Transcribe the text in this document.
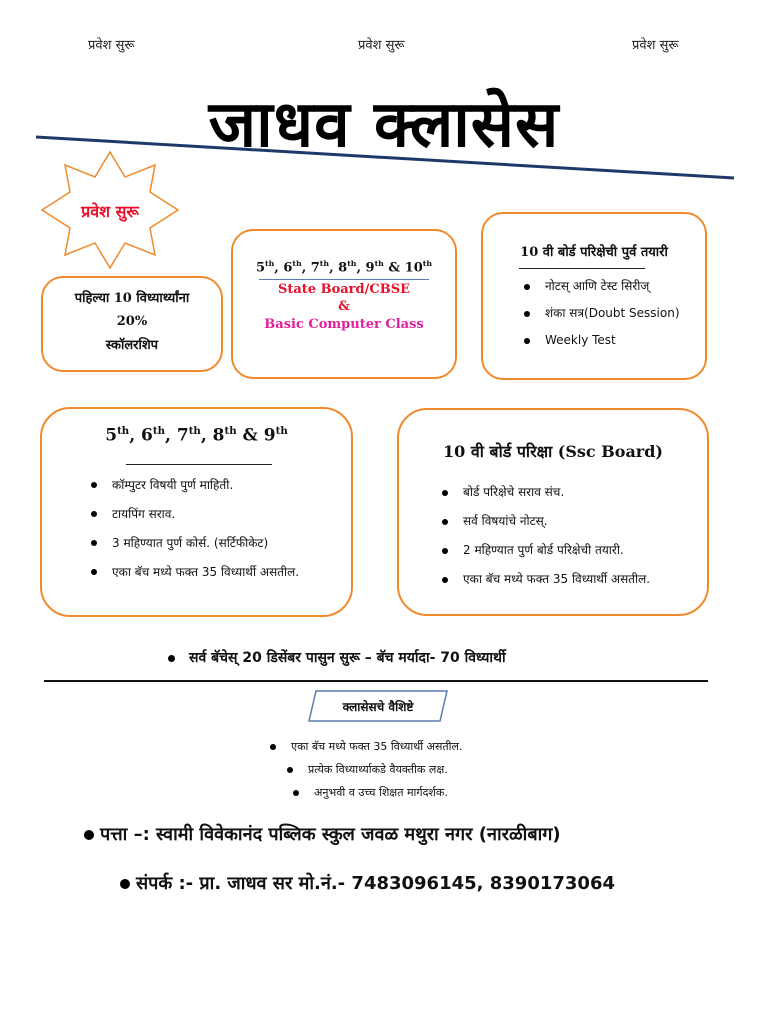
प्रवेश सुरू	प्रवेश सुरू	प्रवेश सुरू
जाधव क्लासेस
प्रवेश सुरू
पहिल्या 10 विध्यार्थ्यांना
20%
स्कॉलरशिप
5th, 6th, 7th, 8th, 9th & 10th
State Board/CBSE
&
Basic Computer Class
10 वी बोर्ड परिक्षेची पुर्व तयारी
नोटस् आणि टेस्ट सिरीज्
शंका सत्र(Doubt Session)
Weekly Test
5th, 6th, 7th, 8th & 9th
कॉम्पुटर विषयी पुर्ण माहिती.
टायपिंग सराव.
3 महिण्यात पुर्ण कोर्स. (सर्टिफीकेट)
एका बॅच मध्ये फक्त 35 विध्यार्थी असतील.
10 वी बोर्ड परिक्षा (Ssc Board)
बोर्ड परिक्षेचे सराव संच.
सर्व विषयांचे नोटस्.
2 महिण्यात पुर्ण बोर्ड परिक्षेची तयारी.
एका बॅच मध्ये फक्त 35 विध्यार्थी असतील.
सर्व बॅचेस् 20 डिसेंबर पासुन सुरू – बॅच मर्यादा- 70 विध्यार्थी
क्लासेसचे वैशिष्टे
एका बॅच मध्ये फक्त 35 विध्यार्थी असतील.
प्रत्येक विध्यार्थ्याकडे वैयक्तीक लक्ष.
अनुभवी व उच्च शिक्षत मार्गदर्शक.
पत्ता –: स्वामी विवेकानंद पब्लिक स्कुल जवळ मथुरा नगर (नारळीबाग)
संपर्क :- प्रा. जाधव सर मो.नं.- 7483096145, 8390173064
